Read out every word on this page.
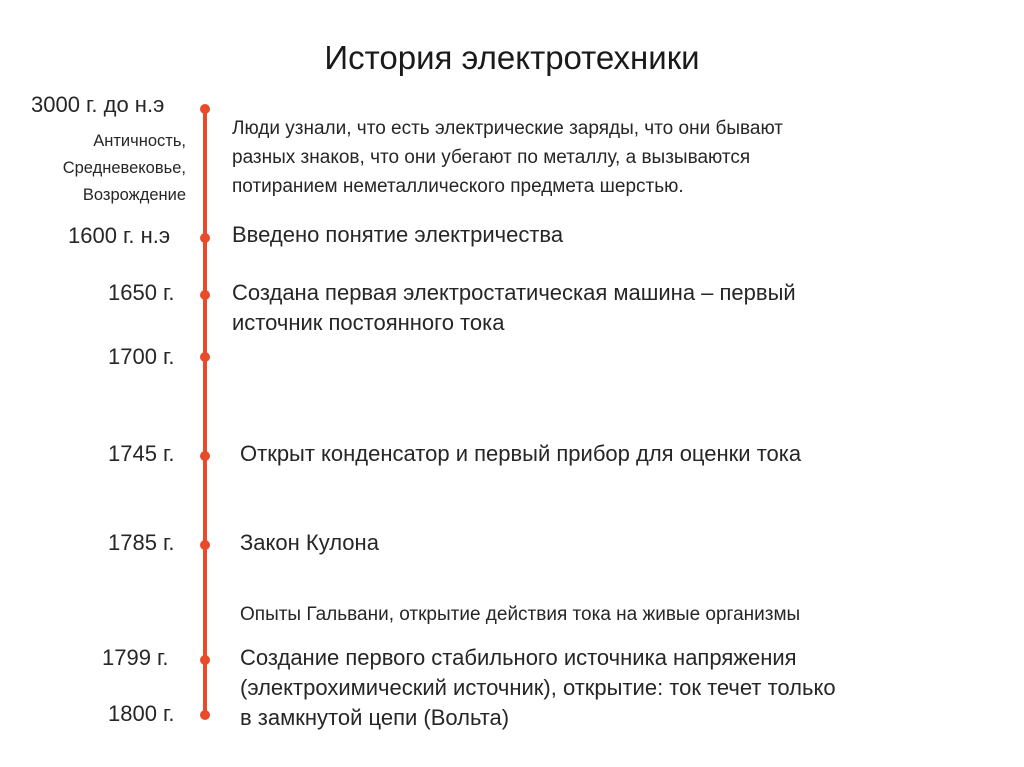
История электротехники
3000 г. до н.э
Античность,
Средневековье,
Возрождение
1600 г. н.э
1650 г.
1700 г.
1745 г.
1785 г.
1799 г.
1800 г.
Люди узнали, что есть электрические заряды, что они бывают
разных знаков, что они убегают по металлу, а вызываются
потиранием неметаллического предмета шерстью.
Введено понятие электричества
Создана первая электростатическая машина – первый
источник постоянного тока
Открыт конденсатор и первый прибор для оценки тока
Закон Кулона
Опыты Гальвани, открытие действия тока на живые организмы
Создание первого стабильного источника напряжения
(электрохимический источник), открытие: ток течет только
в замкнутой цепи (Вольта)
